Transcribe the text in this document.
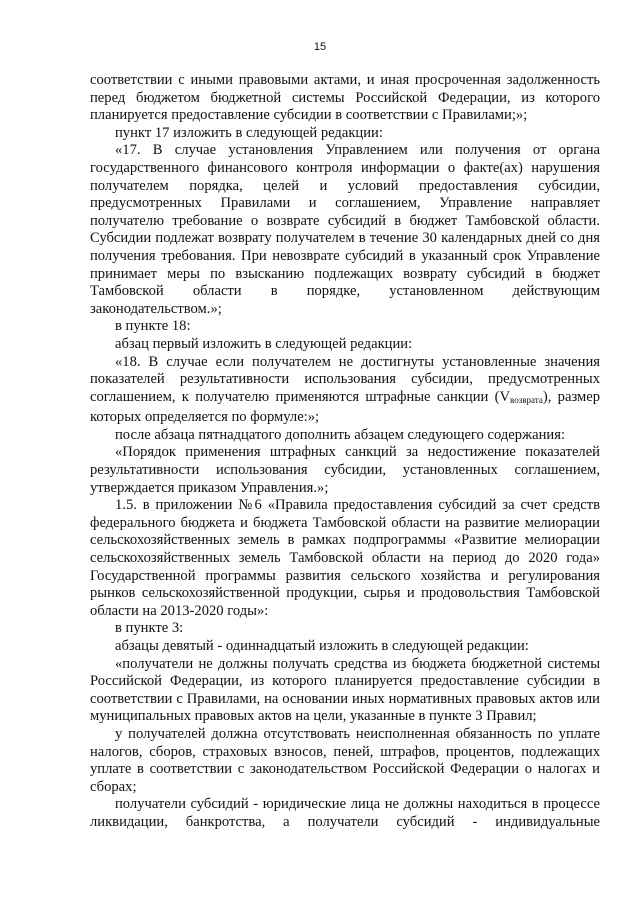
15

соответствии с иными правовыми актами, и иная просроченная задолженность перед бюджетом бюджетной системы Российской Федерации, из которого планируется предоставление субсидии в соответствии с Правилами;»;

пункт 17 изложить в следующей редакции:

«17. В случае установления Управлением или получения от органа государственного финансового контроля информации о факте(ах) нарушения получателем порядка, целей и условий предоставления субсидии, предусмотренных Правилами и соглашением, Управление направляет получателю требование о возврате субсидий в бюджет Тамбовской области. Субсидии подлежат возврату получателем в течение 30 календарных дней со дня получения требования. При невозврате субсидий в указанный срок Управление принимает меры по взысканию подлежащих возврату субсидий в бюджет Тамбовской области в порядке, установленном действующим законодательством.»;

в пункте 18:

абзац первый изложить в следующей редакции:

«18. В случае если получателем не достигнуты установленные значения показателей результативности использования субсидии, предусмотренных соглашением, к получателю применяются штрафные санкции $(V_{возврата})$, размер которых определяется по формуле:»;

после абзаца пятнадцатого дополнить абзацем следующего содержания:

«Порядок применения штрафных санкций за недостижение показателей результативности использования субсидии, установленных соглашением, утверждается приказом Управления.»;

1.5. в приложении №6 «Правила предоставления субсидий за счет средств федерального бюджета и бюджета Тамбовской области на развитие мелиорации сельскохозяйственных земель в рамках подпрограммы «Развитие мелиорации сельскохозяйственных земель Тамбовской области на период до 2020 года» Государственной программы развития сельского хозяйства и регулирования рынков сельскохозяйственной продукции, сырья и продовольствия Тамбовской области на 2013-2020 годы»:

в пункте 3:

абзацы девятый - одиннадцатый изложить в следующей редакции:

«получатели не должны получать средства из бюджета бюджетной системы Российской Федерации, из которого планируется предоставление субсидии в соответствии с Правилами, на основании иных нормативных правовых актов или муниципальных правовых актов на цели, указанные в пункте 3 Правил;

у получателей должна отсутствовать неисполненная обязанность по уплате налогов, сборов, страховых взносов, пеней, штрафов, процентов, подлежащих уплате в соответствии с законодательством Российской Федерации о налогах и сборах;

получатели субсидий - юридические лица не должны находиться в процессе ликвидации, банкротства, а получатели субсидий - индивидуальные
